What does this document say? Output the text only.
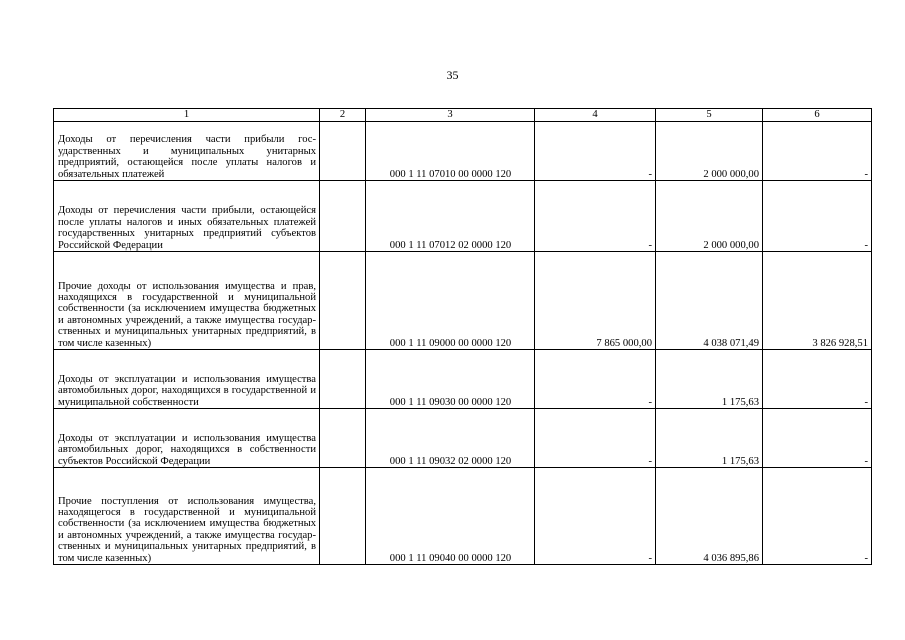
35
1	2	3	4	5	6
Доходы от перечисления части прибыли государственных и муниципальных унитарных предприятий, остающейся после уплаты налогов и обязательных платежей		000 1 11 07010 00 0000 120	-	2 000 000,00	-
Доходы от перечисления части прибыли, остающейся после уплаты налогов и иных обязательных платежей государственных унитарных предприятий субъектов Российской Федерации		000 1 11 07012 02 0000 120	-	2 000 000,00	-
Прочие доходы от использования имущества и прав, находящихся в государственной и муниципальной собственности (за исключением имущества бюджетных и автономных учреждений, а также имущества государственных и муниципальных унитарных предприятий, в том числе казенных)		000 1 11 09000 00 0000 120	7 865 000,00	4 038 071,49	3 826 928,51
Доходы от эксплуатации и использования имущества автомобильных дорог, находящихся в государственной и муниципальной собственности		000 1 11 09030 00 0000 120	-	1 175,63	-
Доходы от эксплуатации и использования имущества автомобильных дорог, находящихся в собственности субъектов Российской Федерации		000 1 11 09032 02 0000 120	-	1 175,63	-
Прочие поступления от использования имущества, находящегося в государственной и муниципальной собственности (за исключением имущества бюджетных и автономных учреждений, а также имущества государственных и муниципальных унитарных предприятий, в том числе казенных)		000 1 11 09040 00 0000 120	-	4 036 895,86	-
